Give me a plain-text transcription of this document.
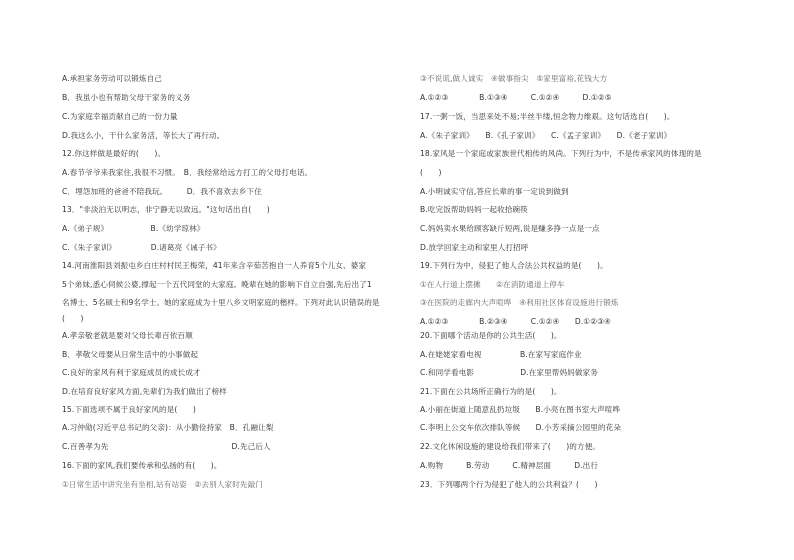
A.承担家务劳动可以锻炼自己
B．我虽小也有帮助父母干家务的义务
C.为家庭幸福贡献自己的一份力量
D.我这么小，干什么家务活，等长大了再行动。
12.你这样做是最好的(　　)。
A.春节爷爷来我家住,我很不习惯。　B．我经常给远方打工的父母打电话。
C．埋怨加班的爸爸不陪我玩。　　　D．我不喜欢去乡下住
13．"非淡泊无以明志，非宁静无以致远。"这句话出自(　　)
A.《弟子规》　　　　　　B.《幼学琼林》
C.《朱子家训》　　　　　D.诸葛亮《诫子书》
14.河南淮阳县刘振屯乡白庄村村民王梅荣，41年来含辛茹苦抱自一人养育5个儿女、婆家
5个弟妹,悉心伺候公婆,撑起一个五代同堂的大家庭。晚辈在她的影响下自立自强,先后出了1
名博士、5名硕士和9名学士。她的家庭成为十里八乡文明家庭的楷样。下列对此认识错误的是
(　　)
A.孝亲敬老就是要对父母长辈百依百顺
B．孝敬父母要从日常生活中的小事做起
C.良好的家风有利于家庭成员的成长成才
D.在培育良好家风方面,先辈们为我们做出了榜样
15.下面选项不属于良好家风的是(　　)
A.习仲勋(习近平总书记的父亲)：从小勤俭持家　B．孔融让梨
C.百善孝为先　　　　　　　　　　　　　　　　D.先己后人
16.下面的家风,我们要传承和弘扬的有(　　)。
①日常生活中讲究坐有坐相,站有站姿　②去别人家时先敲门
③不说谎,做人诚实　④做事指尖　⑤家里富裕,花钱大方
A.①②③　　　　B.①③④　　　C.①②④　　　D.①②⑤
17.一粥一饭，当思来处不易;半丝半缕,恒念物力维艰。这句话选自(　　)。
A.《朱子家训》　　B.《孔子家训》　　C.《孟子家训》　　D.《老子家训》
18.家风是一个家庭或家族世代相传的风尚。下列行为中，不是传承家风的体现的是
(　　)
A.小明诚实守信,答应长辈的事一定说到做到
B.吃完饭帮助妈妈一起收拾碗筷
C.妈妈卖水果给顾客缺斤短两,说是赚多挣一点是一点
D.放学回家主动和家里人打招呼
19.下列行为中，侵犯了他人合法公共权益的是(　　)。
①在人行道上摆摊　　②在消防通道上停车
③在医院的走廊内大声喧哗　④利用社区体育设施进行锻炼
A.①②③　　　　B.②③④　　　C.①②④　　D.①②③④
20.下面哪个活动是你的公共生活(　　)。
A.在姥姥家看电视　　　　　B.在家写家庭作业
C.和同学看电影　　　　　　D.在家里帮妈妈做家务
21.下面在公共场所正确行为的是(　　)。
A.小丽在街道上随意乱扔垃圾　　B.小亮在图书室大声喧哗
C.李明上公交车依次排队等候　　D.小芳采摘公园里的花朵
22.文化休闲设施的建设给我们带来了(　　)的方便。
A.购物　　　B.劳动　　　C.精神层面　　　D.出行
23．下列哪两个行为侵犯了他人的公共利益？(　　)
